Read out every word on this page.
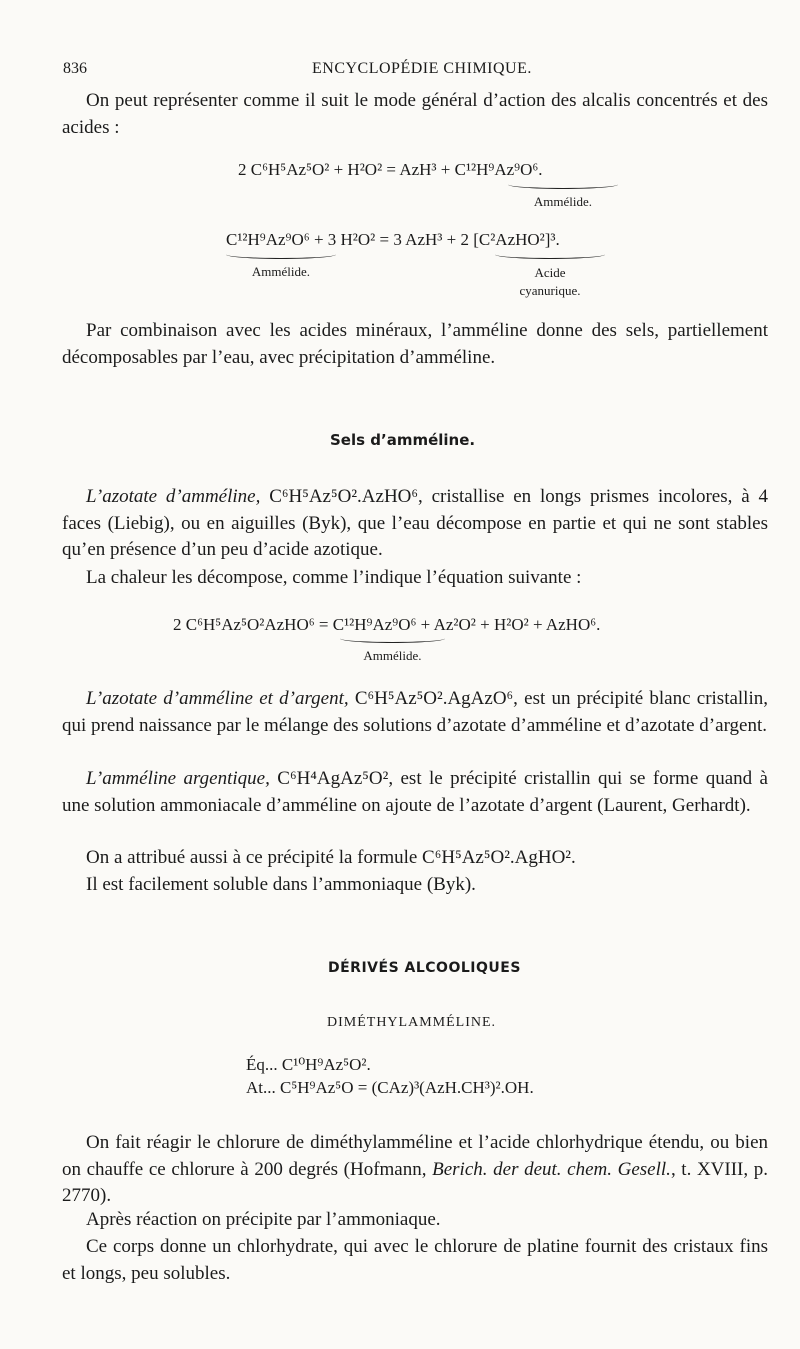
836	ENCYCLOPÉDIE CHIMIQUE.
On peut représenter comme il suit le mode général d’action des alcalis concentrés et des acides :
2 C⁶H⁵Az⁵O² + H²O² = AzH³ + C¹²H⁹Az⁹O⁶.
Ammélide.
C¹²H⁹Az⁹O⁶ + 3 H²O² = 3 AzH³ + 2 [C²AzHO²]³.
Ammélide.	Acide
cyanurique.
Par combinaison avec les acides minéraux, l’amméline donne des sels, partiellement décomposables par l’eau, avec précipitation d’amméline.
Sels d’amméline.
L’azotate d’amméline, C⁶H⁵Az⁵O².AzHO⁶, cristallise en longs prismes incolores, à 4 faces (Liebig), ou en aiguilles (Byk), que l’eau décompose en partie et qui ne sont stables qu’en présence d’un peu d’acide azotique.
La chaleur les décompose, comme l’indique l’équation suivante :
2 C⁶H⁵Az⁵O²AzHO⁶ = C¹²H⁹Az⁹O⁶ + Az²O² + H²O² + AzHO⁶.
Ammélide.
L’azotate d’amméline et d’argent, C⁶H⁵Az⁵O².AgAzO⁶, est un précipité blanc cristallin, qui prend naissance par le mélange des solutions d’azotate d’amméline et d’azotate d’argent.
L’amméline argentique, C⁶H⁴AgAz⁵O², est le précipité cristallin qui se forme quand à une solution ammoniacale d’amméline on ajoute de l’azotate d’argent (Laurent, Gerhardt).
On a attribué aussi à ce précipité la formule C⁶H⁵Az⁵O².AgHO².
Il est facilement soluble dans l’ammoniaque (Byk).
DÉRIVÉS ALCOOLIQUES
DIMÉTHYLAMMÉLINE.
Éq... C¹⁰H⁹Az⁵O².
At... C⁵H⁹Az⁵O = (CAz)³(AzH.CH³)².OH.
On fait réagir le chlorure de diméthylamméline et l’acide chlorhydrique étendu, ou bien on chauffe ce chlorure à 200 degrés (Hofmann, Berich. der deut. chem. Gesell., t. XVIII, p. 2770).
Après réaction on précipite par l’ammoniaque.
Ce corps donne un chlorhydrate, qui avec le chlorure de platine fournit des cristaux fins et longs, peu solubles.
